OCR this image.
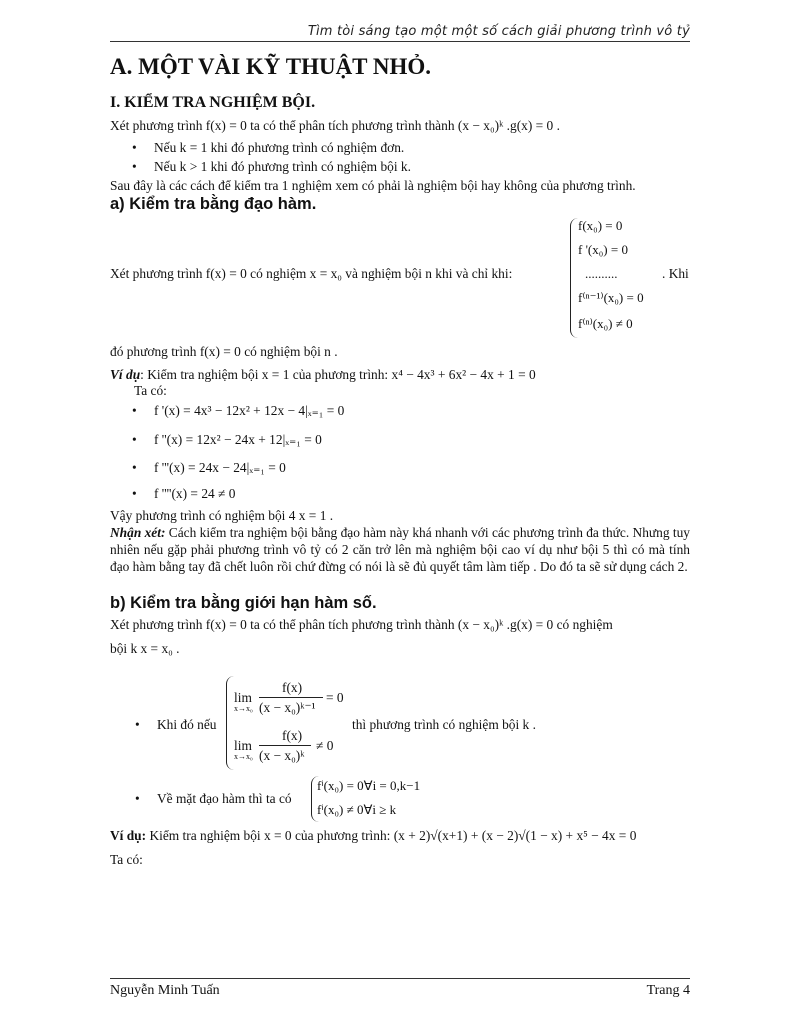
Tìm tòi sáng tạo một một số cách giải phương trình vô tỷ
A. MỘT VÀI KỸ THUẬT NHỎ.
I. KIỂM TRA NGHIỆM BỘI.
Xét phương trình f(x) = 0 ta có thể phân tích phương trình thành (x − x₀)ᵏ .g(x) = 0 .
• Nếu k = 1 khi đó phương trình có nghiệm đơn.
• Nếu k > 1 khi đó phương trình có nghiệm bội k.
Sau đây là các cách để kiểm tra 1 nghiệm xem có phải là nghiệm bội hay không của phương trình.
a) Kiểm tra bằng đạo hàm.
f(x₀) = 0
f '(x₀) = 0
..........
f⁽ⁿ⁻¹⁾(x₀) = 0
f⁽ⁿ⁾(x₀) ≠ 0
Xét phương trình f(x) = 0 có nghiệm x = x₀ và nghiệm bội n khi và chỉ khi:	. Khi
đó phương trình f(x) = 0 có nghiệm bội n .
Ví dụ: Kiểm tra nghiệm bội x = 1 của phương trình: x⁴ − 4x³ + 6x² − 4x + 1 = 0
Ta có:
• f '(x) = 4x³ − 12x² + 12x − 4|ₓ₌₁ = 0
• f ''(x) = 12x² − 24x + 12|ₓ₌₁ = 0
• f '''(x) = 24x − 24|ₓ₌₁ = 0
• f ''''(x) = 24 ≠ 0
Vậy phương trình có nghiệm bội 4 x = 1 .
Nhận xét: Cách kiểm tra nghiệm bội bằng đạo hàm này khá nhanh với các phương trình đa thức. Nhưng tuy nhiên nếu gặp phải phương trình vô tỷ có 2 căn trở lên mà nghiệm bội cao ví dụ như bội 5 thì có mà tính đạo hàm bằng tay đã chết luôn rồi chứ đừng có nói là sẽ đủ quyết tâm làm tiếp . Do đó ta sẽ sử dụng cách 2.
b) Kiểm tra bằng giới hạn hàm số.
Xét phương trình f(x) = 0 ta có thể phân tích phương trình thành (x − x₀)ᵏ .g(x) = 0 có nghiệm
bội k x = x₀ .
• Khi đó nếu
lim
x→x₀
f(x)
(x − x₀)ᵏ⁻¹
= 0
lim
x→x₀
f(x)
(x − x₀)ᵏ
≠ 0
thì phương trình có nghiệm bội k .
• Về mặt đạo hàm thì ta có
fⁱ(x₀) = 0∀i = 0,k−1
fⁱ(x₀) ≠ 0∀i ≥ k
Ví dụ: Kiểm tra nghiệm bội x = 0 của phương trình: (x + 2)√(x+1) + (x − 2)√(1 − x) + x⁵ − 4x = 0
Ta có:
Nguyễn Minh Tuấn	Trang 4
